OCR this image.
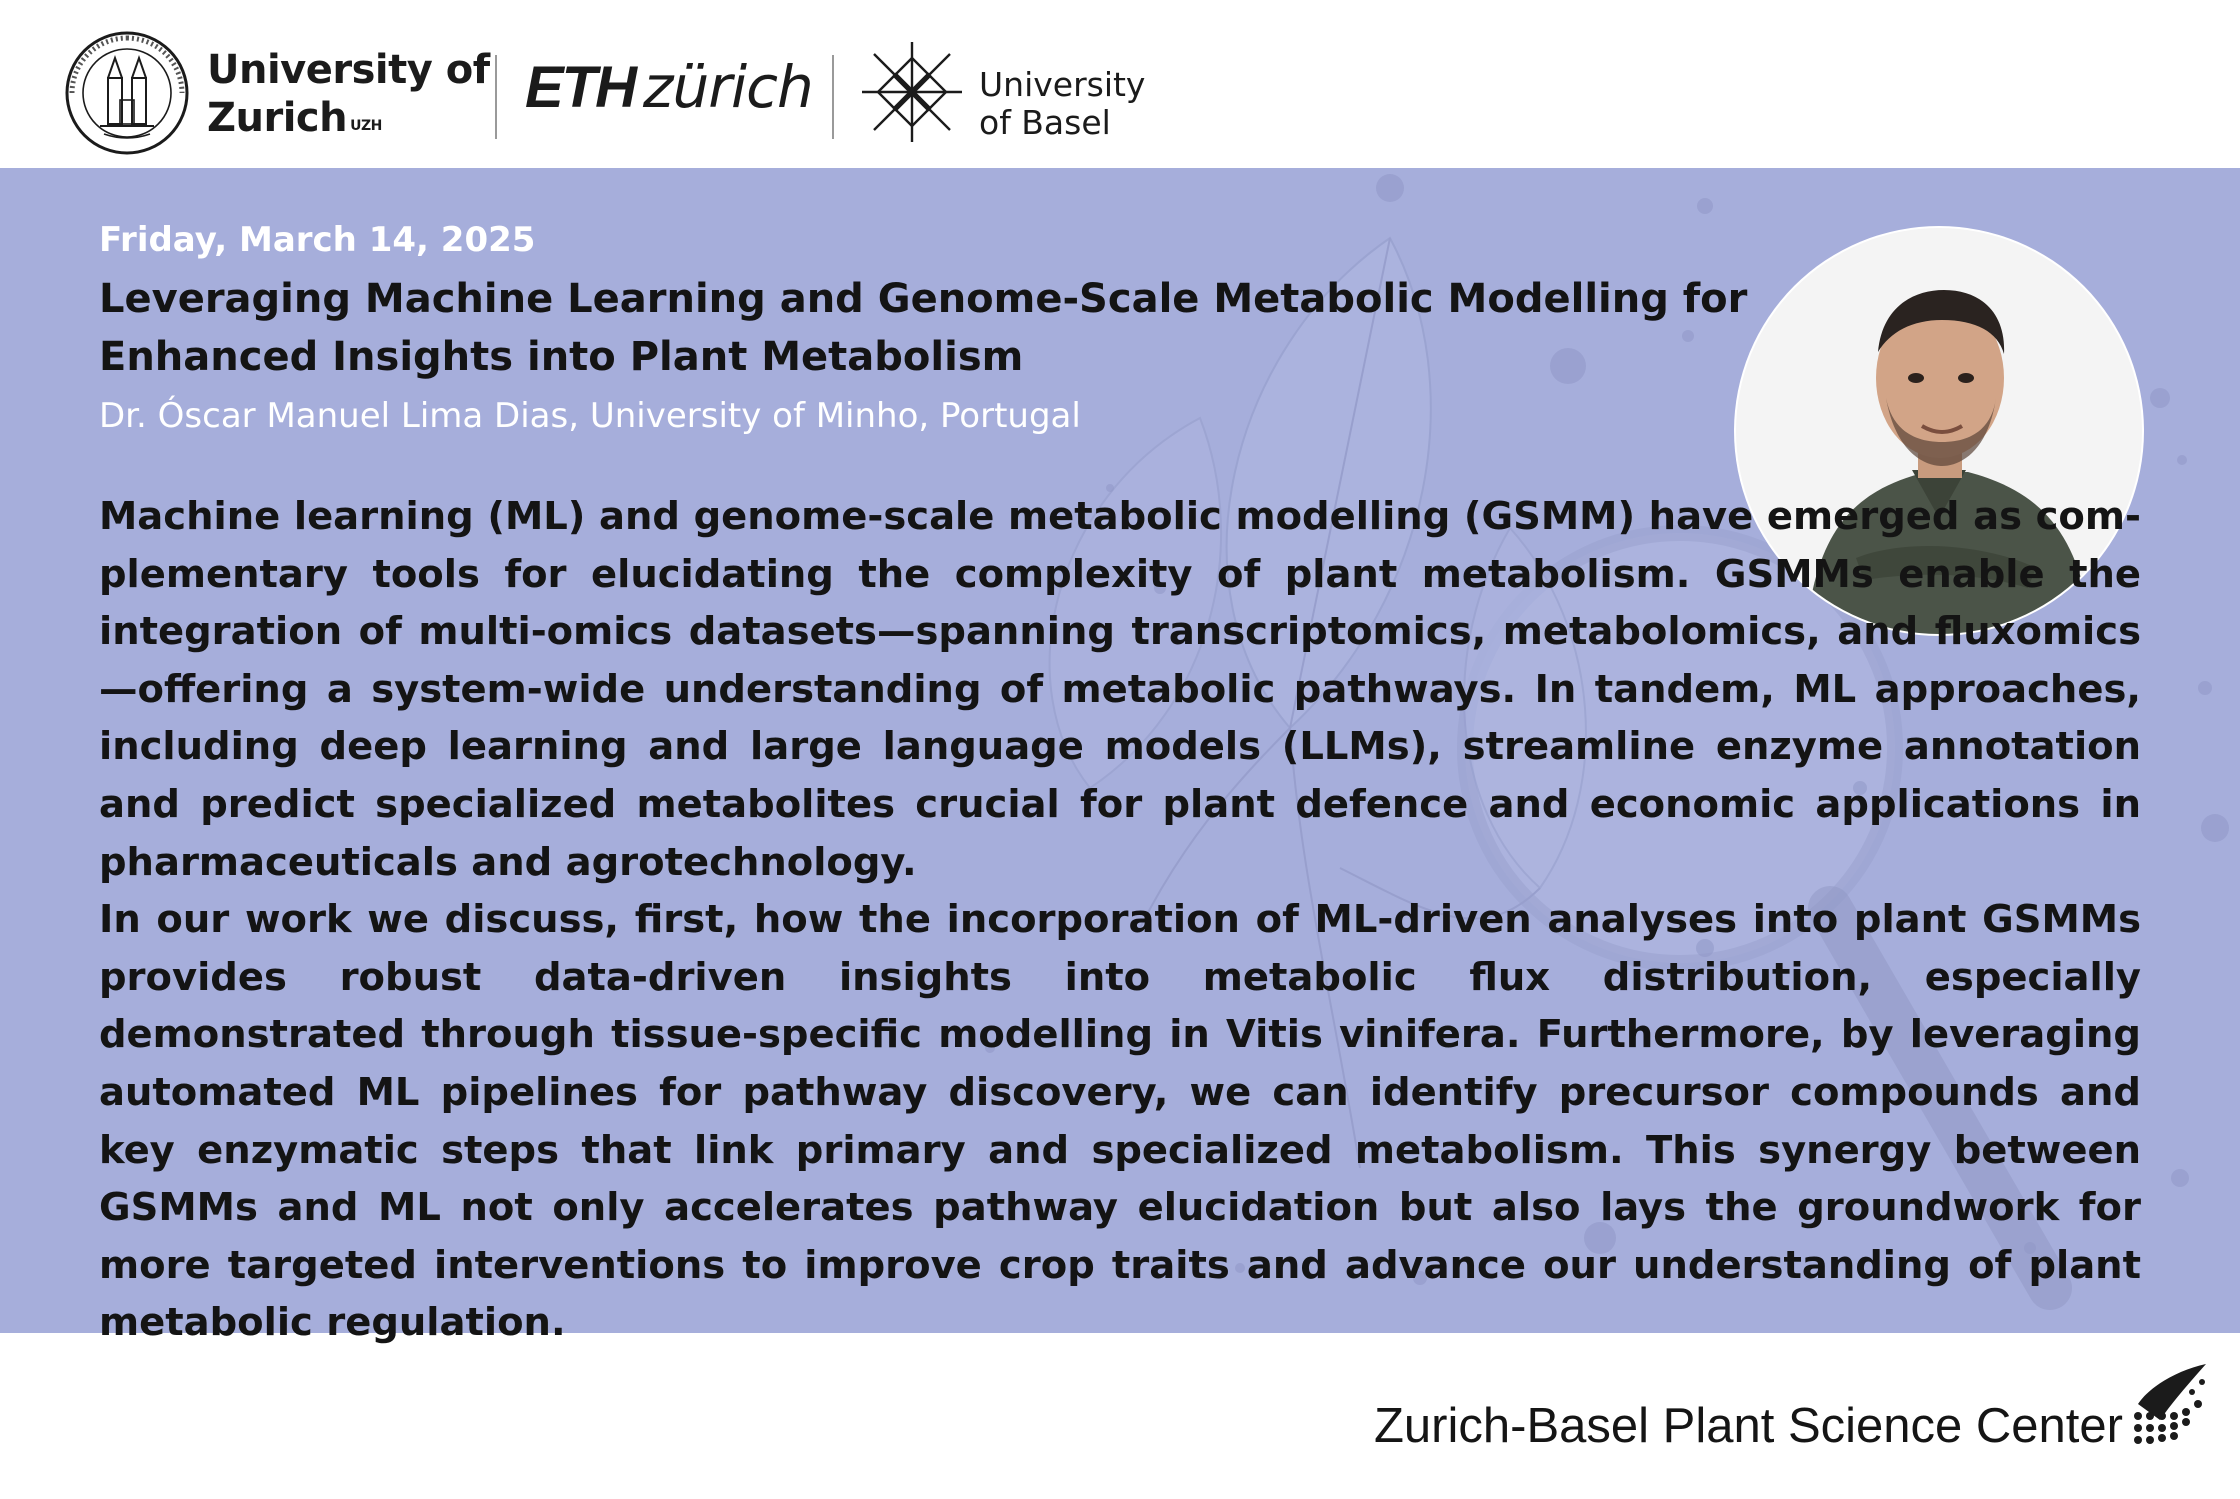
University of
Zurich $^{UZH}$
ETH zürich	University
of Basel
Friday, March 14, 2025
Leveraging Machine Learning and Genome-Scale Metabolic Modelling for
Enhanced Insights into Plant Metabolism
Dr. Óscar Manuel Lima Dias, University of Minho, Portugal

Machine learning (ML) and genome-scale metabolic modelling (GSMM) have emerged as complementary tools for elucidating the complexity of plant metabolism. GSMMs enable the integration of multi-omics datasets—spanning transcriptomics, metabolomics, and fluxomics—offering a system-wide understanding of metabolic pathways. In tandem, ML approaches, including deep learning and large language models (LLMs), streamline enzyme annotation and predict specialized metabolites crucial for plant defence and economic applications in pharmaceuticals and agrotechnology.

In our work we discuss, first, how the incorporation of ML-driven analyses into plant GSMMs provides robust data-driven insights into metabolic flux distribution, especially demonstrated through tissue-specific modelling in Vitis vinifera. Furthermore, by leveraging automated ML pipelines for pathway discovery, we can identify precursor compounds and key enzymatic steps that link primary and specialized metabolism. This synergy between GSMMs and ML not only accelerates pathway elucidation but also lays the groundwork for more targeted interventions to improve crop traits and advance our understanding of plant metabolic regulation.

Zurich-Basel Plant Science Center
